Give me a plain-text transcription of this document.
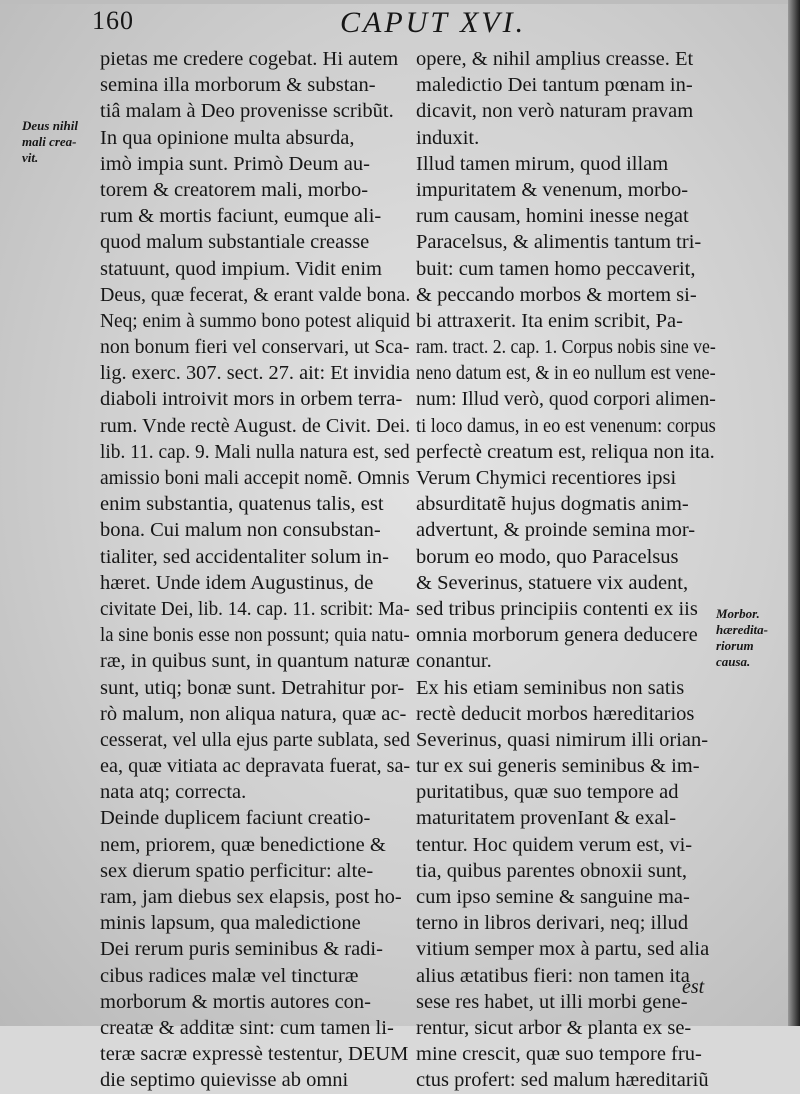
160	CAPUT XVI.
Deus nihil
mali crea-
vit.
Morbor.
hæredita-
riorum
causa.
pietas me credere cogebat. Hi autem
semina illa morborum & substan-
tiâ malam à Deo provenisse scribũt.
In qua opinione multa absurda,
imò impia sunt. Primò Deum au-
torem & creatorem mali, morbo-
rum & mortis faciunt, eumque ali-
quod malum substantiale creasse
statuunt, quod impium. Vidit enim
Deus, quæ fecerat, & erant valde bona.
Neq; enim à summo bono potest aliquid
non bonum fieri vel conservari, ut Sca-
lig. exerc. 307. sect. 27. ait: Et invidia
diaboli introivit mors in orbem terra-
rum. Vnde rectè August. de Civit. Dei.
lib. 11. cap. 9. Mali nulla natura est, sed
amissio boni mali accepit nomẽ. Omnis
enim substantia, quatenus talis, est
bona. Cui malum non consubstan-
tialiter, sed accidentaliter solum in-
hæret. Unde idem Augustinus, de
civitate Dei, lib. 14. cap. 11. scribit: Ma-
la sine bonis esse non possunt; quia natu-
ræ, in quibus sunt, in quantum naturæ
sunt, utiq; bonæ sunt. Detrahitur por-
rò malum, non aliqua natura, quæ ac-
cesserat, vel ulla ejus parte sublata, sed
ea, quæ vitiata ac depravata fuerat, sa-
nata atq; correcta.
Deinde duplicem faciunt creatio-
nem, priorem, quæ benedictione &
sex dierum spatio perficitur: alte-
ram, jam diebus sex elapsis, post ho-
minis lapsum, qua maledictione
Dei rerum puris seminibus & radi-
cibus radices malæ vel tincturæ
morborum & mortis autores con-
creatæ & additæ sint: cum tamen li-
teræ sacræ expressè testentur, DEUM
die septimo quievisse ab omni
opere, & nihil amplius creasse. Et
maledictio Dei tantum pœnam in-
dicavit, non verò naturam pravam
induxit.
Illud tamen mirum, quod illam
impuritatem & venenum, morbo-
rum causam, homini inesse negat
Paracelsus, & alimentis tantum tri-
buit: cum tamen homo peccaverit,
& peccando morbos & mortem si-
bi attraxerit. Ita enim scribit, Pa-
ram. tract. 2. cap. 1. Corpus nobis sine ve-
neno datum est, & in eo nullum est vene-
num: Illud verò, quod corpori alimen-
ti loco damus, in eo est venenum: corpus
perfectè creatum est, reliqua non ita.
Verum Chymici recentiores ipsi
absurditatẽ hujus dogmatis anim-
advertunt, & proinde semina mor-
borum eo modo, quo Paracelsus
& Severinus, statuere vix audent,
sed tribus principiis contenti ex iis
omnia morborum genera deducere
conantur.
Ex his etiam seminibus non satis
rectè deducit morbos hæreditarios
Severinus, quasi nimirum illi orian-
tur ex sui generis seminibus & im-
puritatibus, quæ suo tempore ad
maturitatem provenIant & exal-
tentur. Hoc quidem verum est, vi-
tia, quibus parentes obnoxii sunt,
cum ipso semine & sanguine ma-
terno in libros derivari, neq; illud
vitium semper mox à partu, sed alia
alius ætatibus fieri: non tamen ita
sese res habet, ut illi morbi gene-
rentur, sicut arbor & planta ex se-
mine crescit, quæ suo tempore fru-
ctus profert: sed malum hæreditariũ
est
